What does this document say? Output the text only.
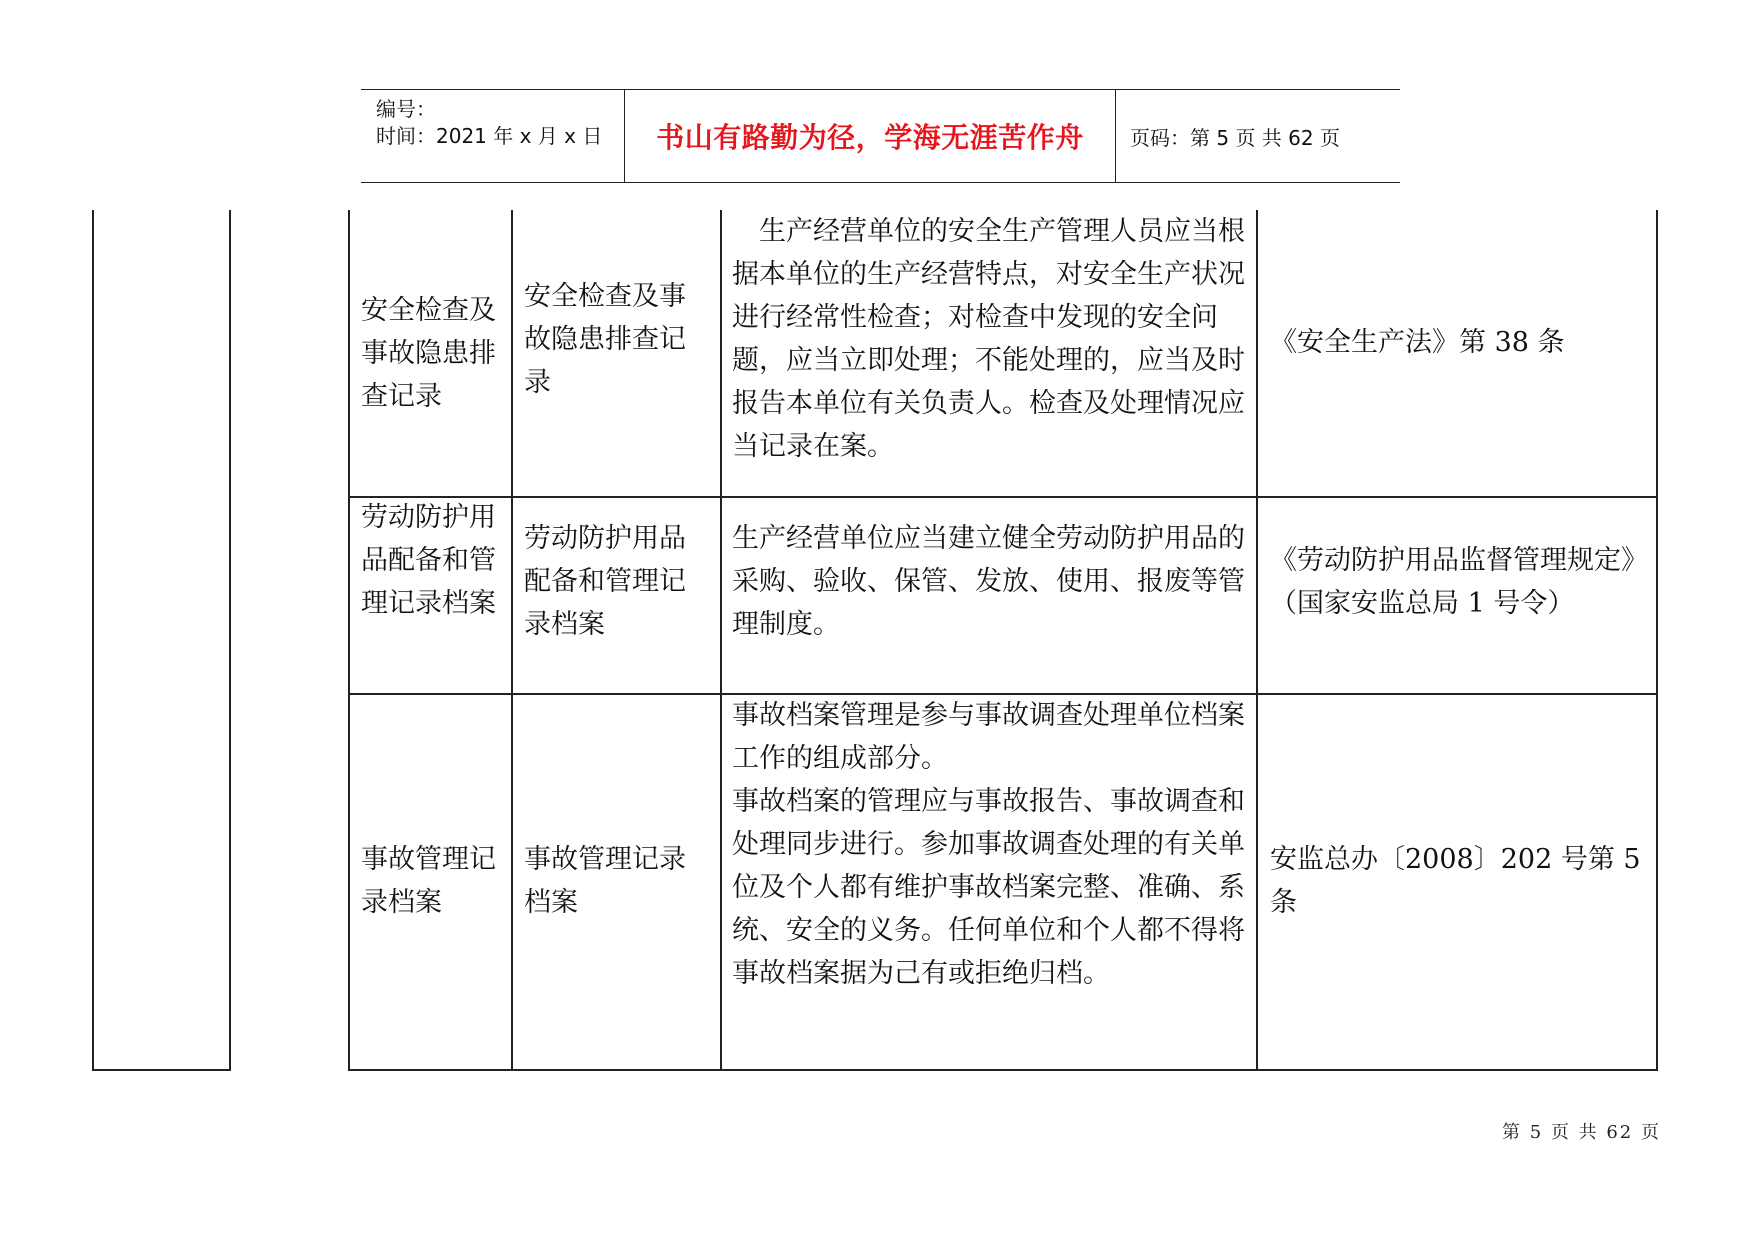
编号：
时间：2021 年 x 月 x 日	书山有路勤为径，学海无涯苦作舟	页码：第 5 页 共 62 页
安全检查及事故隐患排查记录
安全检查及事故隐患排查记录
　生产经营单位的安全生产管理人员应当根据本单位的生产经营特点，对安全生产状况进行经常性检查；对检查中发现的安全问题，应当立即处理；不能处理的，应当及时报告本单位有关负责人。检查及处理情况应当记录在案。
《安全生产法》第 38 条
劳动防护用品配备和管理记录档案
劳动防护用品配备和管理记录档案
生产经营单位应当建立健全劳动防护用品的采购、验收、保管、发放、使用、报废等管理制度。
《劳动防护用品监督管理规定》（国家安监总局 1 号令）
事故管理记录档案
事故管理记录档案

事故档案管理是参与事故调查处理单位档案工作的组成部分。

事故档案的管理应与事故报告、事故调查和处理同步进行。参加事故调查处理的有关单位及个人都有维护事故档案完整、准确、系统、安全的义务。任何单位和个人都不得将事故档案据为己有或拒绝归档。

安监总办〔2008〕202 号第 5 条
第 5 页 共 62 页
